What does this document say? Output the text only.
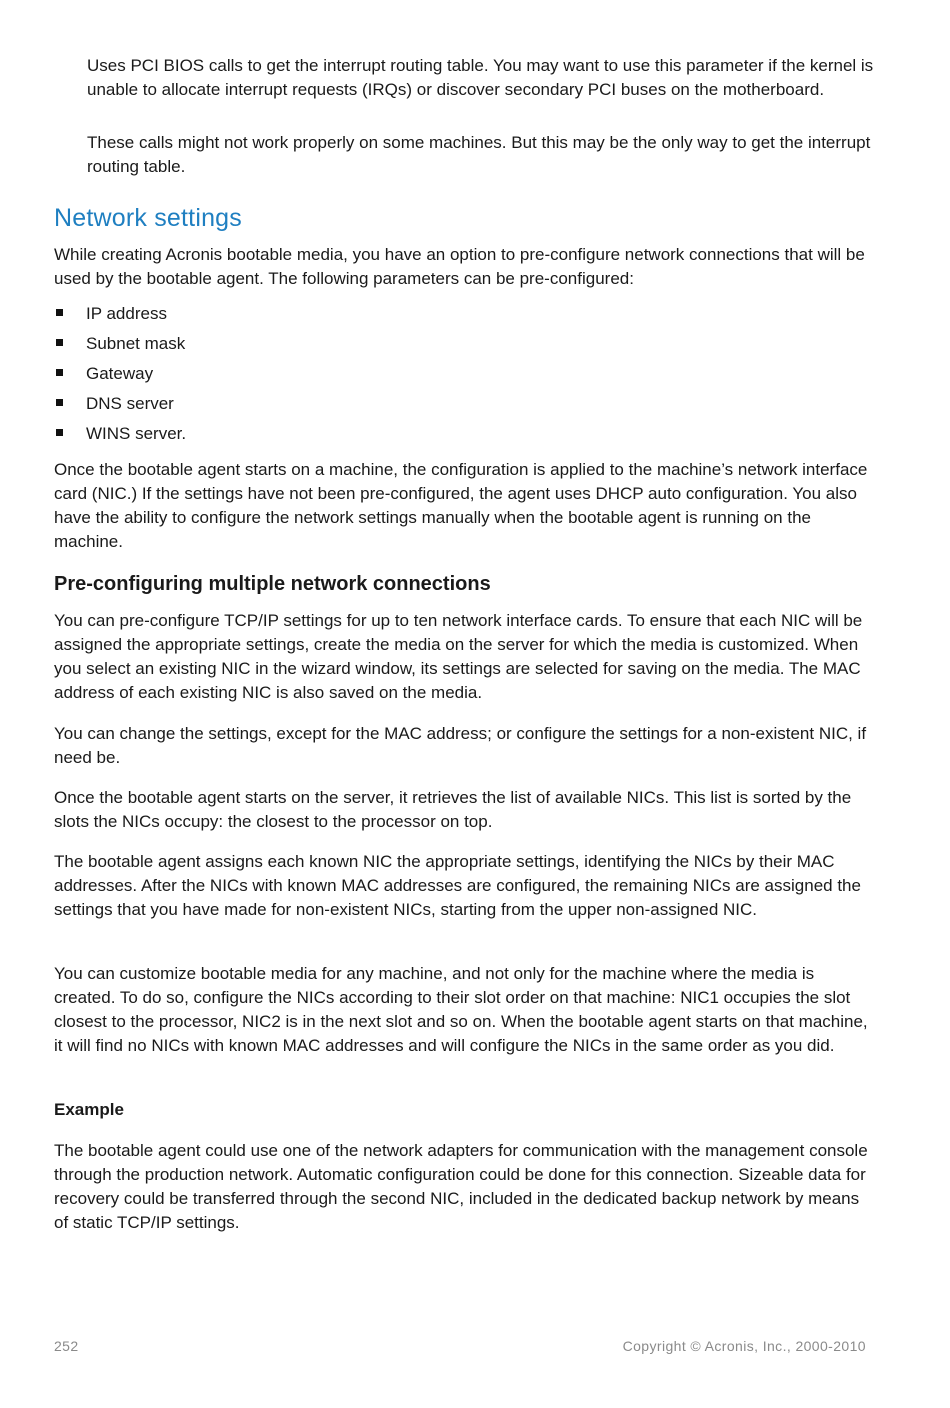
Uses PCI BIOS calls to get the interrupt routing table. You may want to use this parameter if the kernel is unable to allocate interrupt requests (IRQs) or discover secondary PCI buses on the motherboard.

These calls might not work properly on some machines. But this may be the only way to get the interrupt routing table.

Network settings

While creating Acronis bootable media, you have an option to pre-configure network connections that will be used by the bootable agent. The following parameters can be pre-configured:

IP address
Subnet mask
Gateway
DNS server
WINS server.

Once the bootable agent starts on a machine, the configuration is applied to the machine’s network interface card (NIC.) If the settings have not been pre-configured, the agent uses DHCP auto configuration. You also have the ability to configure the network settings manually when the bootable agent is running on the machine.

Pre-configuring multiple network connections

You can pre-configure TCP/IP settings for up to ten network interface cards. To ensure that each NIC will be assigned the appropriate settings, create the media on the server for which the media is customized. When you select an existing NIC in the wizard window, its settings are selected for saving on the media. The MAC address of each existing NIC is also saved on the media.

You can change the settings, except for the MAC address; or configure the settings for a non-existent NIC, if need be.

Once the bootable agent starts on the server, it retrieves the list of available NICs. This list is sorted by the slots the NICs occupy: the closest to the processor on top.

The bootable agent assigns each known NIC the appropriate settings, identifying the NICs by their MAC addresses. After the NICs with known MAC addresses are configured, the remaining NICs are assigned the settings that you have made for non-existent NICs, starting from the upper non-assigned NIC.

You can customize bootable media for any machine, and not only for the machine where the media is created. To do so, configure the NICs according to their slot order on that machine: NIC1 occupies the slot closest to the processor, NIC2 is in the next slot and so on. When the bootable agent starts on that machine, it will find no NICs with known MAC addresses and will configure the NICs in the same order as you did.

Example

The bootable agent could use one of the network adapters for communication with the management console through the production network. Automatic configuration could be done for this connection. Sizeable data for recovery could be transferred through the second NIC, included in the dedicated backup network by means of static TCP/IP settings.

252	Copyright © Acronis, Inc., 2000-2010
